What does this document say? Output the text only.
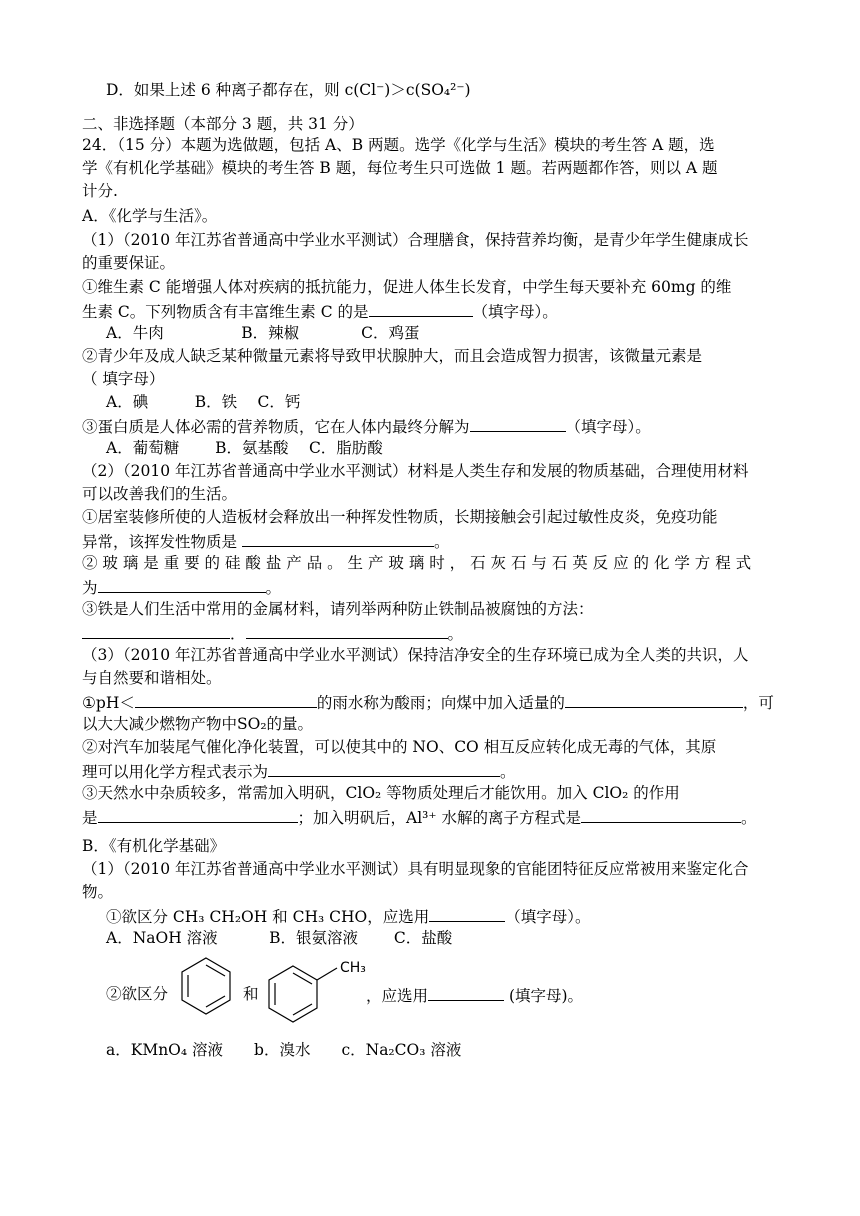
D．如果上述 6 种离子都存在，则 c(Cl⁻)＞c(SO₄²⁻)
二、非选择题（本部分 3 题，共 31 分）
24．（15 分）本题为选做题，包括 A、B 两题。选学《化学与生活》模块的考生答 A 题，选
学《有机化学基础》模块的考生答 B 题，每位考生只可选做 1 题。若两题都作答，则以 A 题
计分.
A．《化学与生活》。
（1）（2010 年江苏省普通高中学业水平测试）合理膳食，保持营养均衡，是青少年学生健康成长
的重要保证。
①维生素 C 能增强人体对疾病的抵抗能力，促进人体生长发育，中学生每天要补充 60mg 的维
生素 C。下列物质含有丰富维生素 C 的是	（填字母）。
A．牛肉　　　　　B．辣椒　　　　C．鸡蛋
②青少年及成人缺乏某种微量元素将导致甲状腺肿大，而且会造成智力损害，该微量元素是
（ 填字母）
A．碘　　　B．铁　 C．钙
③蛋白质是人体必需的营养物质，它在人体内最终分解为	（填字母）。
A．葡萄糖　　 B．氨基酸　 C．脂肪酸
（2）（2010 年江苏省普通高中学业水平测试）材料是人类生存和发展的物质基础，合理使用材料
可以改善我们的生活。
①居室装修所使的人造板材会释放出一种挥发性物质，长期接触会引起过敏性皮炎，免疫功能
异常，该挥发性物质是	。
② 玻 璃 是 重 要 的 硅 酸 盐 产 品 。 生 产 玻 璃 时 ， 石 灰 石 与 石 英 反 应 的 化 学 方 程 式
为	。
③铁是人们生活中常用的金属材料，请列举两种防止铁制品被腐蚀的方法：
．	。
（3）（2010 年江苏省普通高中学业水平测试）保持洁净安全的生存环境已成为全人类的共识，人
与自然要和谐相处。
①pH＜	的雨水称为酸雨；向煤中加入适量的	，可
以大大减少燃物产物中SO₂的量。
②对汽车加装尾气催化净化装置，可以使其中的 NO、CO 相互反应转化成无毒的气体，其原
理可以用化学方程式表示为	。
③天然水中杂质较多，常需加入明矾，ClO₂ 等物质处理后才能饮用。加入 ClO₂ 的作用
是	；加入明矾后，Al³⁺ 水解的离子方程式是	。
B．《有机化学基础》
（1）（2010 年江苏省普通高中学业水平测试）具有明显现象的官能团特征反应常被用来鉴定化合
物。
①欲区分 CH₃ CH₂OH 和 CH₃ CHO，应选用	（填字母）。
A．NaOH 溶液　　　 B．银氨溶液　　 C．盐酸
CH₃
②欲区分	和	，应选用	(填字母)。
a．KMnO₄ 溶液　　b．溴水　　c．Na₂CO₃ 溶液
